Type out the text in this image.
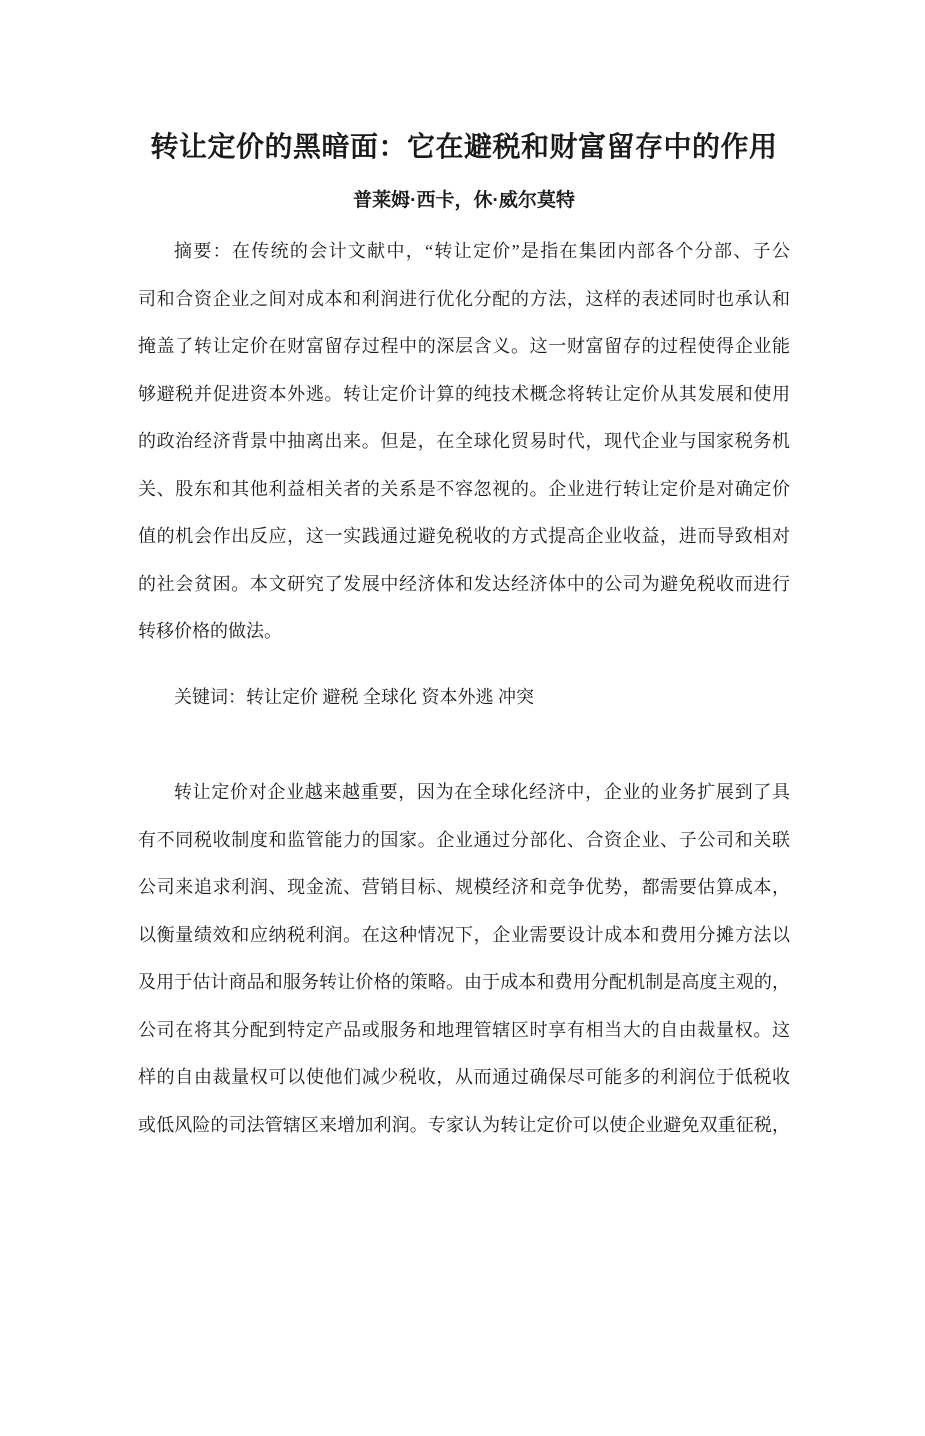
转让定价的黑暗面：它在避税和财富留存中的作用
普莱姆·西卡，休·威尔莫特
摘要：在传统的会计文献中，“转让定价”是指在集团内部各个分部、子公
司和合资企业之间对成本和利润进行优化分配的方法，这样的表述同时也承认和
掩盖了转让定价在财富留存过程中的深层含义。这一财富留存的过程使得企业能
够避税并促进资本外逃。转让定价计算的纯技术概念将转让定价从其发展和使用
的政治经济背景中抽离出来。但是，在全球化贸易时代，现代企业与国家税务机
关、股东和其他利益相关者的关系是不容忽视的。企业进行转让定价是对确定价
值的机会作出反应，这一实践通过避免税收的方式提高企业收益，进而导致相对
的社会贫困。本文研究了发展中经济体和发达经济体中的公司为避免税收而进行
转移价格的做法。
关键词：转让定价 避税 全球化 资本外逃 冲突
转让定价对企业越来越重要，因为在全球化经济中，企业的业务扩展到了具
有不同税收制度和监管能力的国家。企业通过分部化、合资企业、子公司和关联
公司来追求利润、现金流、营销目标、规模经济和竞争优势，都需要估算成本，
以衡量绩效和应纳税利润。在这种情况下，企业需要设计成本和费用分摊方法以
及用于估计商品和服务转让价格的策略。由于成本和费用分配机制是高度主观的，
公司在将其分配到特定产品或服务和地理管辖区时享有相当大的自由裁量权。这
样的自由裁量权可以使他们减少税收，从而通过确保尽可能多的利润位于低税收
或低风险的司法管辖区来增加利润。专家认为转让定价可以使企业避免双重征税，
